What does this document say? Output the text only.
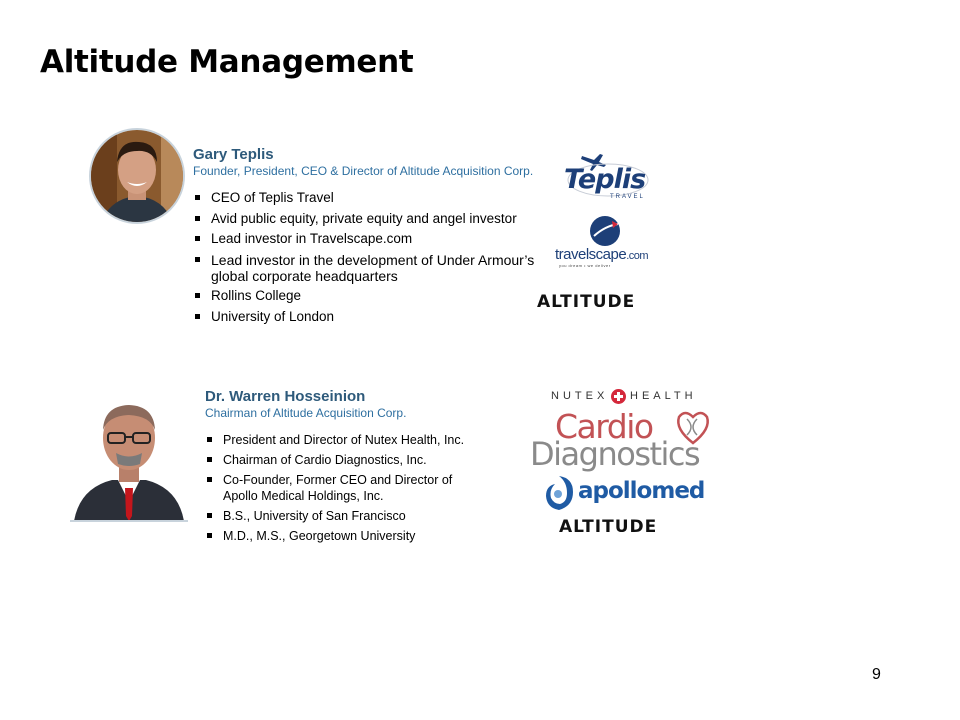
Altitude Management
Gary Teplis
Founder, President, CEO & Director of Altitude Acquisition Corp.
CEO of Teplis Travel
Avid public equity, private equity and angel investor
Lead investor in Travelscape.com
Lead investor in the development of Under Armour’s global corporate headquarters
Rollins College
University of London
Teplis
TRAVEL
travelscape.com
you dream • we deliver
ALTITUDE
Dr. Warren Hosseinion
Chairman of Altitude Acquisition Corp.
President and Director of Nutex Health, Inc.
Chairman of Cardio Diagnostics, Inc.
Co-Founder, Former CEO and Director of Apollo Medical Holdings, Inc.
B.S., University of San Francisco
M.D., M.S., Georgetown University
NUTEX HEALTH
Cardio
Diagnostics
apollomed
ALTITUDE
9
